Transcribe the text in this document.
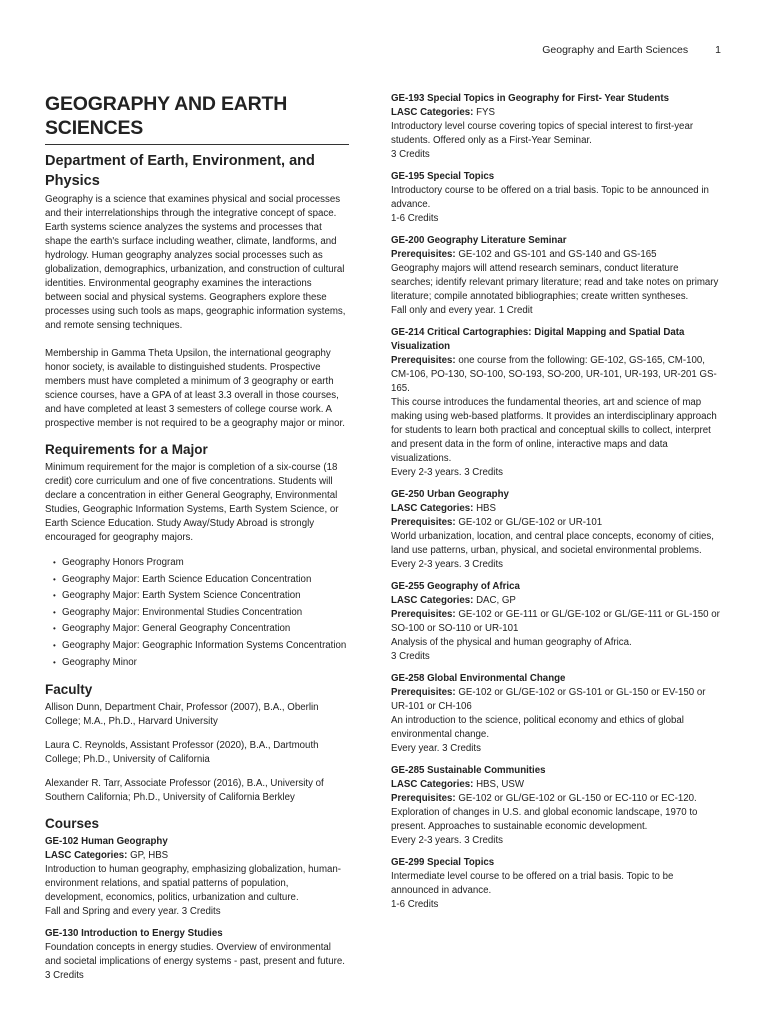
Geography and Earth Sciences	1
GEOGRAPHY AND EARTH SCIENCES
Department of Earth, Environment, and Physics

Geography is a science that examines physical and social processes and their interrelationships through the integrative concept of space. Earth systems science analyzes the systems and processes that shape the earth's surface including weather, climate, landforms, and hydrology. Human geography analyzes social processes such as globalization, demographics, urbanization, and construction of cultural identities. Environmental geography examines the interactions between social and physical systems. Geographers explore these processes using such tools as maps, geographic information systems, and remote sensing techniques.

Membership in Gamma Theta Upsilon, the international geography honor society, is available to distinguished students. Prospective members must have completed a minimum of 3 geography or earth science courses, have a GPA of at least 3.3 overall in those courses, and have completed at least 3 semesters of college course work. A prospective member is not required to be a geography major or minor.

Requirements for a Major

Minimum requirement for the major is completion of a six-course (18 credit) core curriculum and one of five concentrations. Students will declare a concentration in either General Geography, Environmental Studies, Geographic Information Systems, Earth System Science, or Earth Science Education. Study Away/Study Abroad is strongly encouraged for geography majors.

• Geography Honors Program
• Geography Major: Earth Science Education Concentration
• Geography Major: Earth System Science Concentration
• Geography Major: Environmental Studies Concentration
• Geography Major: General Geography Concentration
• Geography Major: Geographic Information Systems Concentration
• Geography Minor
Faculty

Allison Dunn, Department Chair, Professor (2007), B.A., Oberlin College; M.A., Ph.D., Harvard University

Laura C. Reynolds, Assistant Professor (2020), B.A., Dartmouth College; Ph.D., University of California

Alexander R. Tarr, Associate Professor (2016), B.A., University of Southern California; Ph.D., University of California Berkley

Courses
GE-102 Human Geography
LASC Categories: GP, HBS
Introduction to human geography, emphasizing globalization, human-environment relations, and spatial patterns of population, development, economics, politics, urbanization and culture.
Fall and Spring and every year. 3 Credits
GE-130 Introduction to Energy Studies
Foundation concepts in energy studies. Overview of environmental and societal implications of energy systems - past, present and future.
3 Credits
GE-193 Special Topics in Geography for First- Year Students
LASC Categories: FYS
Introductory level course covering topics of special interest to first-year students. Offered only as a First-Year Seminar.
3 Credits
GE-195 Special Topics
Introductory course to be offered on a trial basis. Topic to be announced in advance.
1-6 Credits
GE-200 Geography Literature Seminar
Prerequisites: GE-102 and GS-101 and GS-140 and GS-165
Geography majors will attend research seminars, conduct literature searches; identify relevant primary literature; read and take notes on primary literature; compile annotated bibliographies; create written syntheses.
Fall only and every year. 1 Credit
GE-214 Critical Cartographies: Digital Mapping and Spatial Data Visualization
Prerequisites: one course from the following: GE-102, GS-165, CM-100, CM-106, PO-130, SO-100, SO-193, SO-200, UR-101, UR-193, UR-201 GS-165.
This course introduces the fundamental theories, art and science of map making using web-based platforms. It provides an interdisciplinary approach for students to learn both practical and conceptual skills to collect, interpret and present data in the form of online, interactive maps and data visualizations.
Every 2-3 years. 3 Credits
GE-250 Urban Geography
LASC Categories: HBS
Prerequisites: GE-102 or GL/GE-102 or UR-101
World urbanization, location, and central place concepts, economy of cities, land use patterns, urban, physical, and societal environmental problems.
Every 2-3 years. 3 Credits
GE-255 Geography of Africa
LASC Categories: DAC, GP
Prerequisites: GE-102 or GE-111 or GL/GE-102 or GL/GE-111 or GL-150 or SO-100 or SO-110 or UR-101
Analysis of the physical and human geography of Africa.
3 Credits
GE-258 Global Environmental Change
Prerequisites: GE-102 or GL/GE-102 or GS-101 or GL-150 or EV-150 or UR-101 or CH-106
An introduction to the science, political economy and ethics of global environmental change.
Every year. 3 Credits
GE-285 Sustainable Communities
LASC Categories: HBS, USW
Prerequisites: GE-102 or GL/GE-102 or GL-150 or EC-110 or EC-120.
Exploration of changes in U.S. and global economic landscape, 1970 to present. Approaches to sustainable economic development.
Every 2-3 years. 3 Credits
GE-299 Special Topics
Intermediate level course to be offered on a trial basis. Topic to be announced in advance.
1-6 Credits
